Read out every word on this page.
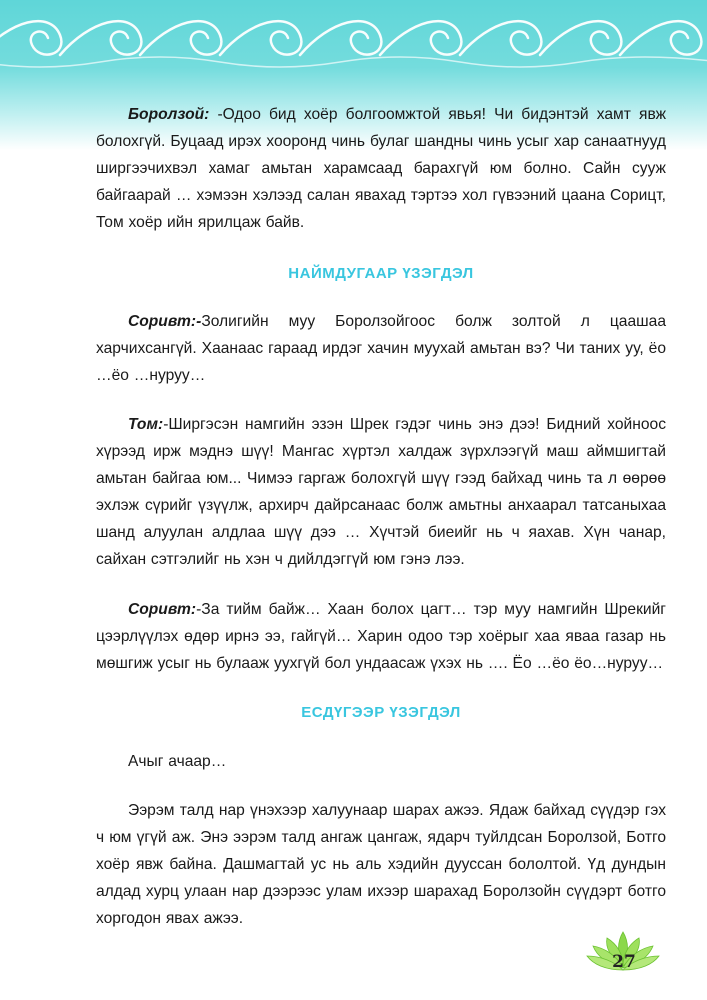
Боролзой: -Одоо бид хоёр болгоомжтой явья! Чи бидэнтэй хамт явж болохгүй. Буцаад ирэх хооронд чинь булаг шандны чинь усыг хар санаатнууд ширгээчихвэл хамаг амьтан харамсаад барахгүй юм болно. Сайн сууж байгаарай … хэмээн хэлээд салан явахад тэртээ хол гүвээний цаана Сорицт, Том хоёр ийн ярилцаж байв.

НАЙМДУГААР ҮЗЭГДЭЛ

Соривт:-Золигийн муу Боролзойгоос болж золтой л цаашаа харчихсангүй. Хаанаас гараад ирдэг хачин муухай амьтан вэ? Чи таних уу, ёо …ёо …нуруу…

Том:-Ширгэсэн намгийн эзэн Шрек гэдэг чинь энэ дээ! Бидний хойноос хүрээд ирж мэднэ шүү! Мангас хүртэл халдаж зүрхлээгүй маш аймшигтай амьтан байгаа юм... Чимээ гаргаж болохгүй шүү гээд байхад чинь та л өөрөө эхлэж сүрийг үзүүлж, архирч дайрсанаас болж амьтны анхаарал татсаныхаа шанд алуулан алдлаа шүү дээ … Хүчтэй биеийг нь ч яахав. Хүн чанар, сайхан сэтгэлийг нь хэн ч дийлдэггүй юм гэнэ лээ.

Соривт:-За тийм байж… Хаан болох цагт… тэр муу намгийн Шрекийг цээрлүүлэх өдөр ирнэ ээ, гайгүй… Харин одоо тэр хоёрыг хаа яваа газар нь мөшгиж усыг нь булааж уухгүй бол ундаасаж үхэх нь …. Ёо …ёо ёо…нуруу…

ЕСДҮГЭЭР ҮЗЭГДЭЛ

Ачыг ачаар…

Ээрэм талд нар үнэхээр халуунаар шарах ажээ. Ядаж байхад сүүдэр гэх ч юм үгүй аж. Энэ ээрэм талд ангаж цангаж, ядарч туйлдсан Боролзой, Ботго хоёр явж байна. Дашмагтай ус нь аль хэдийн дууссан бололтой. Үд дундын алдад хурц улаан нар дээрээс улам ихээр шарахад Боролзойн сүүдэрт ботго хоргодон явах ажээ.

27
